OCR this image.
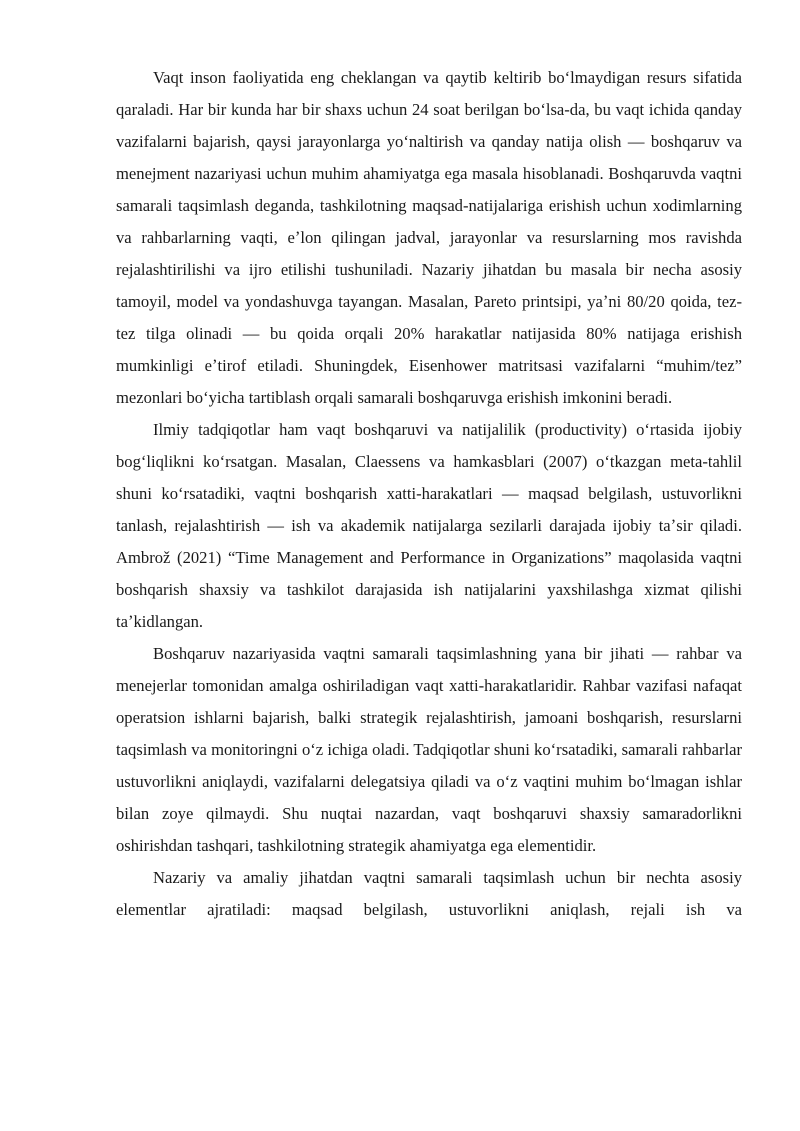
Vaqt inson faoliyatida eng cheklangan va qaytib keltirib boʻlmaydigan resurs sifatida qaraladi. Har bir kunda har bir shaxs uchun 24 soat berilgan boʻlsa-da, bu vaqt ichida qanday vazifalarni bajarish, qaysi jarayonlarga yoʻnaltirish va qanday natija olish — boshqaruv va menejment nazariyasi uchun muhim ahamiyatga ega masala hisoblanadi. Boshqaruvda vaqtni samarali taqsimlash deganda, tashkilotning maqsad-natijalariga erishish uchun xodimlarning va rahbarlarning vaqti, eʼlon qilingan jadval, jarayonlar va resurslarning mos ravishda rejalashtirilishi va ijro etilishi tushuniladi. Nazariy jihatdan bu masala bir necha asosiy tamoyil, model va yondashuvga tayangan. Masalan, Pareto printsipi, yaʼni 80/20 qoida, tez-tez tilga olinadi — bu qoida orqali 20% harakatlar natijasida 80% natijaga erishish mumkinligi eʼtirof etiladi. Shuningdek, Eisenhower matritsasi vazifalarni “muhim/tez” mezonlari boʻyicha tartiblash orqali samarali boshqaruvga erishish imkonini beradi.

Ilmiy tadqiqotlar ham vaqt boshqaruvi va natijalilik (productivity) oʻrtasida ijobiy bogʻliqlikni koʻrsatgan. Masalan, Claessens va hamkasblari (2007) oʻtkazgan meta-tahlil shuni koʻrsatadiki, vaqtni boshqarish xatti-harakatlari — maqsad belgilash, ustuvorlikni tanlash, rejalashtirish — ish va akademik natijalarga sezilarli darajada ijobiy taʼsir qiladi. Ambrož (2021) “Time Management and Performance in Organizations” maqolasida vaqtni boshqarish shaxsiy va tashkilot darajasida ish natijalarini yaxshilashga xizmat qilishi taʼkidlangan.

Boshqaruv nazariyasida vaqtni samarali taqsimlashning yana bir jihati — rahbar va menejerlar tomonidan amalga oshiriladigan vaqt xatti-harakatlaridir. Rahbar vazifasi nafaqat operatsion ishlarni bajarish, balki strategik rejalashtirish, jamoani boshqarish, resurslarni taqsimlash va monitoringni oʻz ichiga oladi. Tadqiqotlar shuni koʻrsatadiki, samarali rahbarlar ustuvorlikni aniqlaydi, vazifalarni delegatsiya qiladi va oʻz vaqtini muhim boʻlmagan ishlar bilan zoye qilmaydi. Shu nuqtai nazardan, vaqt boshqaruvi shaxsiy samaradorlikni oshirishdan tashqari, tashkilotning strategik ahamiyatga ega elementidir.

Nazariy va amaliy jihatdan vaqtni samarali taqsimlash uchun bir nechta asosiy elementlar ajratiladi: maqsad belgilash, ustuvorlikni aniqlash, rejali ish va
